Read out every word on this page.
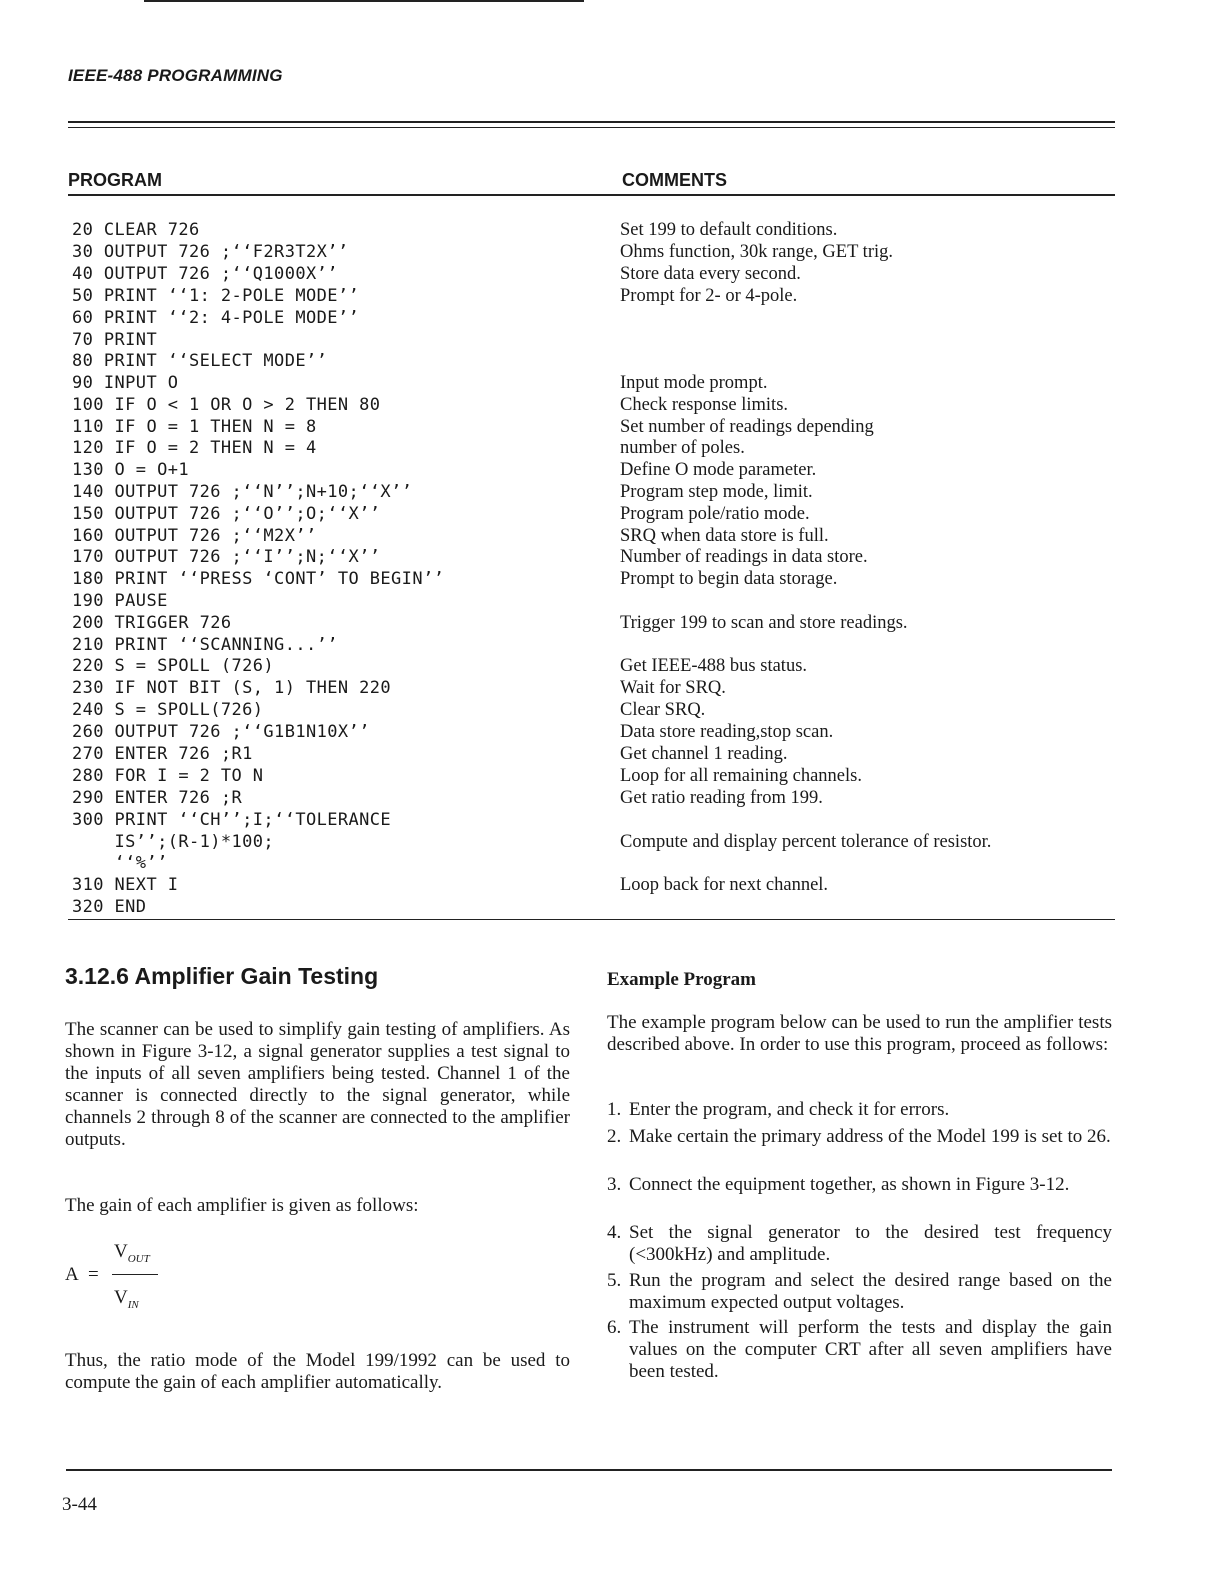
IEEE-488 PROGRAMMING
PROGRAM	COMMENTS
20 CLEAR 726
30 OUTPUT 726 ;‘‘F2R3T2X’’
40 OUTPUT 726 ;‘‘Q1000X’’
50 PRINT ‘‘1: 2-POLE MODE’’
60 PRINT ‘‘2: 4-POLE MODE’’
70 PRINT
80 PRINT ‘‘SELECT MODE’’
90 INPUT O
100 IF O < 1 OR O > 2 THEN 80
110 IF O = 1 THEN N = 8
120 IF O = 2 THEN N = 4
130 O = O+1
140 OUTPUT 726 ;‘‘N’’;N+10;‘‘X’’
150 OUTPUT 726 ;‘‘O’’;O;‘‘X’’
160 OUTPUT 726 ;‘‘M2X’’
170 OUTPUT 726 ;‘‘I’’;N;‘‘X’’
180 PRINT ‘‘PRESS ‘CONT’ TO BEGIN’’
190 PAUSE
200 TRIGGER 726
210 PRINT ‘‘SCANNING...’’
220 S = SPOLL (726)
230 IF NOT BIT (S, 1) THEN 220
240 S = SPOLL(726)
260 OUTPUT 726 ;‘‘G1B1N10X’’
270 ENTER 726 ;R1
280 FOR I = 2 TO N
290 ENTER 726 ;R
300 PRINT ‘‘CH’’;I;‘‘TOLERANCE
IS’’;(R-1)*100;
‘‘%’’
310 NEXT I
320 END
Set 199 to default conditions.
Ohms function, 30k range, GET trig.
Store data every second.
Prompt for 2- or 4-pole.
Input mode prompt.
Check response limits.
Set number of readings depending
number of poles.
Define O mode parameter.
Program step mode, limit.
Program pole/ratio mode.
SRQ when data store is full.
Number of readings in data store.
Prompt to begin data storage.
Trigger 199 to scan and store readings.
Get IEEE-488 bus status.
Wait for SRQ.
Clear SRQ.
Data store reading,stop scan.
Get channel 1 reading.
Loop for all remaining channels.
Get ratio reading from 199.
Compute and display percent tolerance of resistor.
Loop back for next channel.
3.12.6 Amplifier Gain Testing
The scanner can be used to simplify gain testing of amplifiers. As shown in Figure 3-12, a signal generator supplies a test signal to the inputs of all seven amplifiers being tested. Channel 1 of the scanner is connected directly to the signal generator, while channels 2 through 8 of the scanner are connected to the amplifier outputs.
The gain of each amplifier is given as follows:
$V_{OUT}$
A =
$V_{IN}$
Thus, the ratio mode of the Model 199/1992 can be used to compute the gain of each amplifier automatically.
Example Program
The example program below can be used to run the amplifier tests described above. In order to use this program, proceed as follows:
1. Enter the program, and check it for errors.
2. Make certain the primary address of the Model 199 is set to 26.
3. Connect the equipment together, as shown in Figure 3-12.
4. Set the signal generator to the desired test frequency (<300kHz) and amplitude.
5. Run the program and select the desired range based on the maximum expected output voltages.
6. The instrument will perform the tests and display the gain values on the computer CRT after all seven amplifiers have been tested.
3-44
